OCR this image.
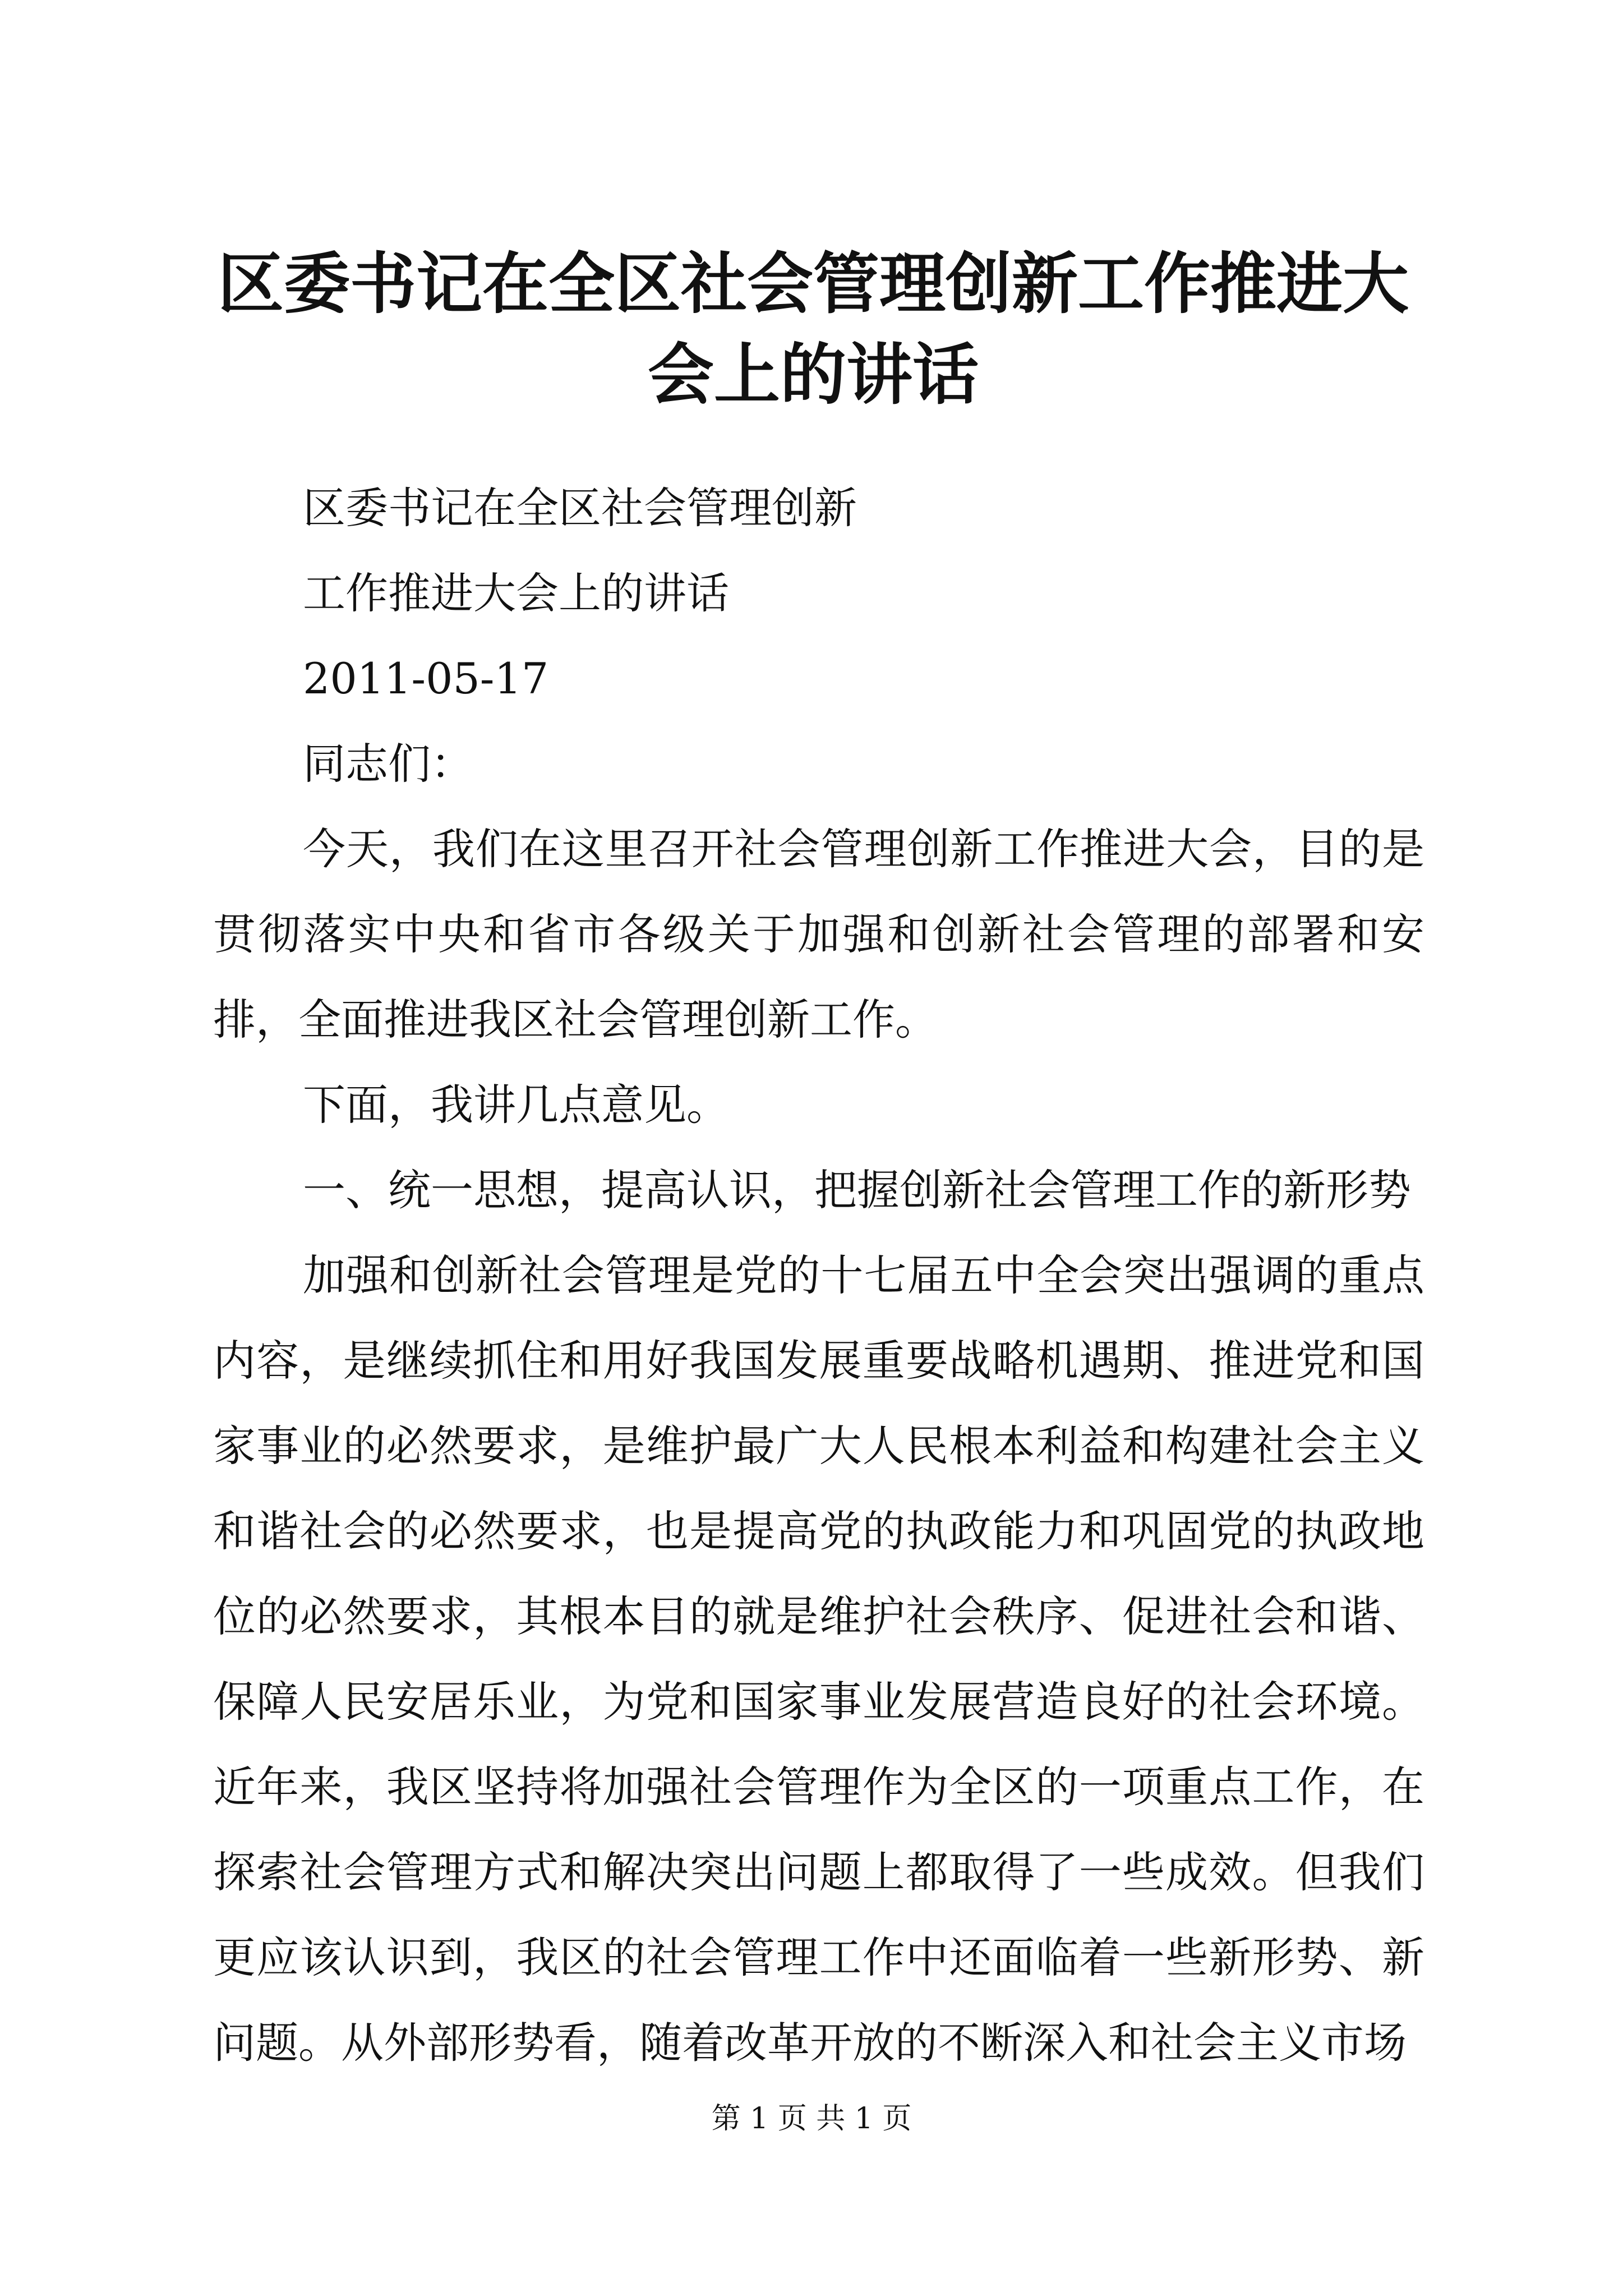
区委书记在全区社会管理创新工作推进大会上的讲话

区委书记在全区社会管理创新

工作推进大会上的讲话

2011-05-17

同志们：

今天，我们在这里召开社会管理创新工作推进大会，目的是贯彻落实中央和省市各级关于加强和创新社会管理的部署和安排，全面推进我区社会管理创新工作。

下面，我讲几点意见。

一、统一思想，提高认识，把握创新社会管理工作的新形势

加强和创新社会管理是党的十七届五中全会突出强调的重点内容，是继续抓住和用好我国发展重要战略机遇期、推进党和国家事业的必然要求，是维护最广大人民根本利益和构建社会主义和谐社会的必然要求，也是提高党的执政能力和巩固党的执政地位的必然要求，其根本目的就是维护社会秩序、促进社会和谐、保障人民安居乐业，为党和国家事业发展营造良好的社会环境。近年来，我区坚持将加强社会管理作为全区的一项重点工作，在探索社会管理方式和解决突出问题上都取得了一些成效。但我们更应该认识到，我区的社会管理工作中还面临着一些新形势、新问题。从外部形势看，随着改革开放的不断深入和社会主义市场

第 1 页 共 1 页
